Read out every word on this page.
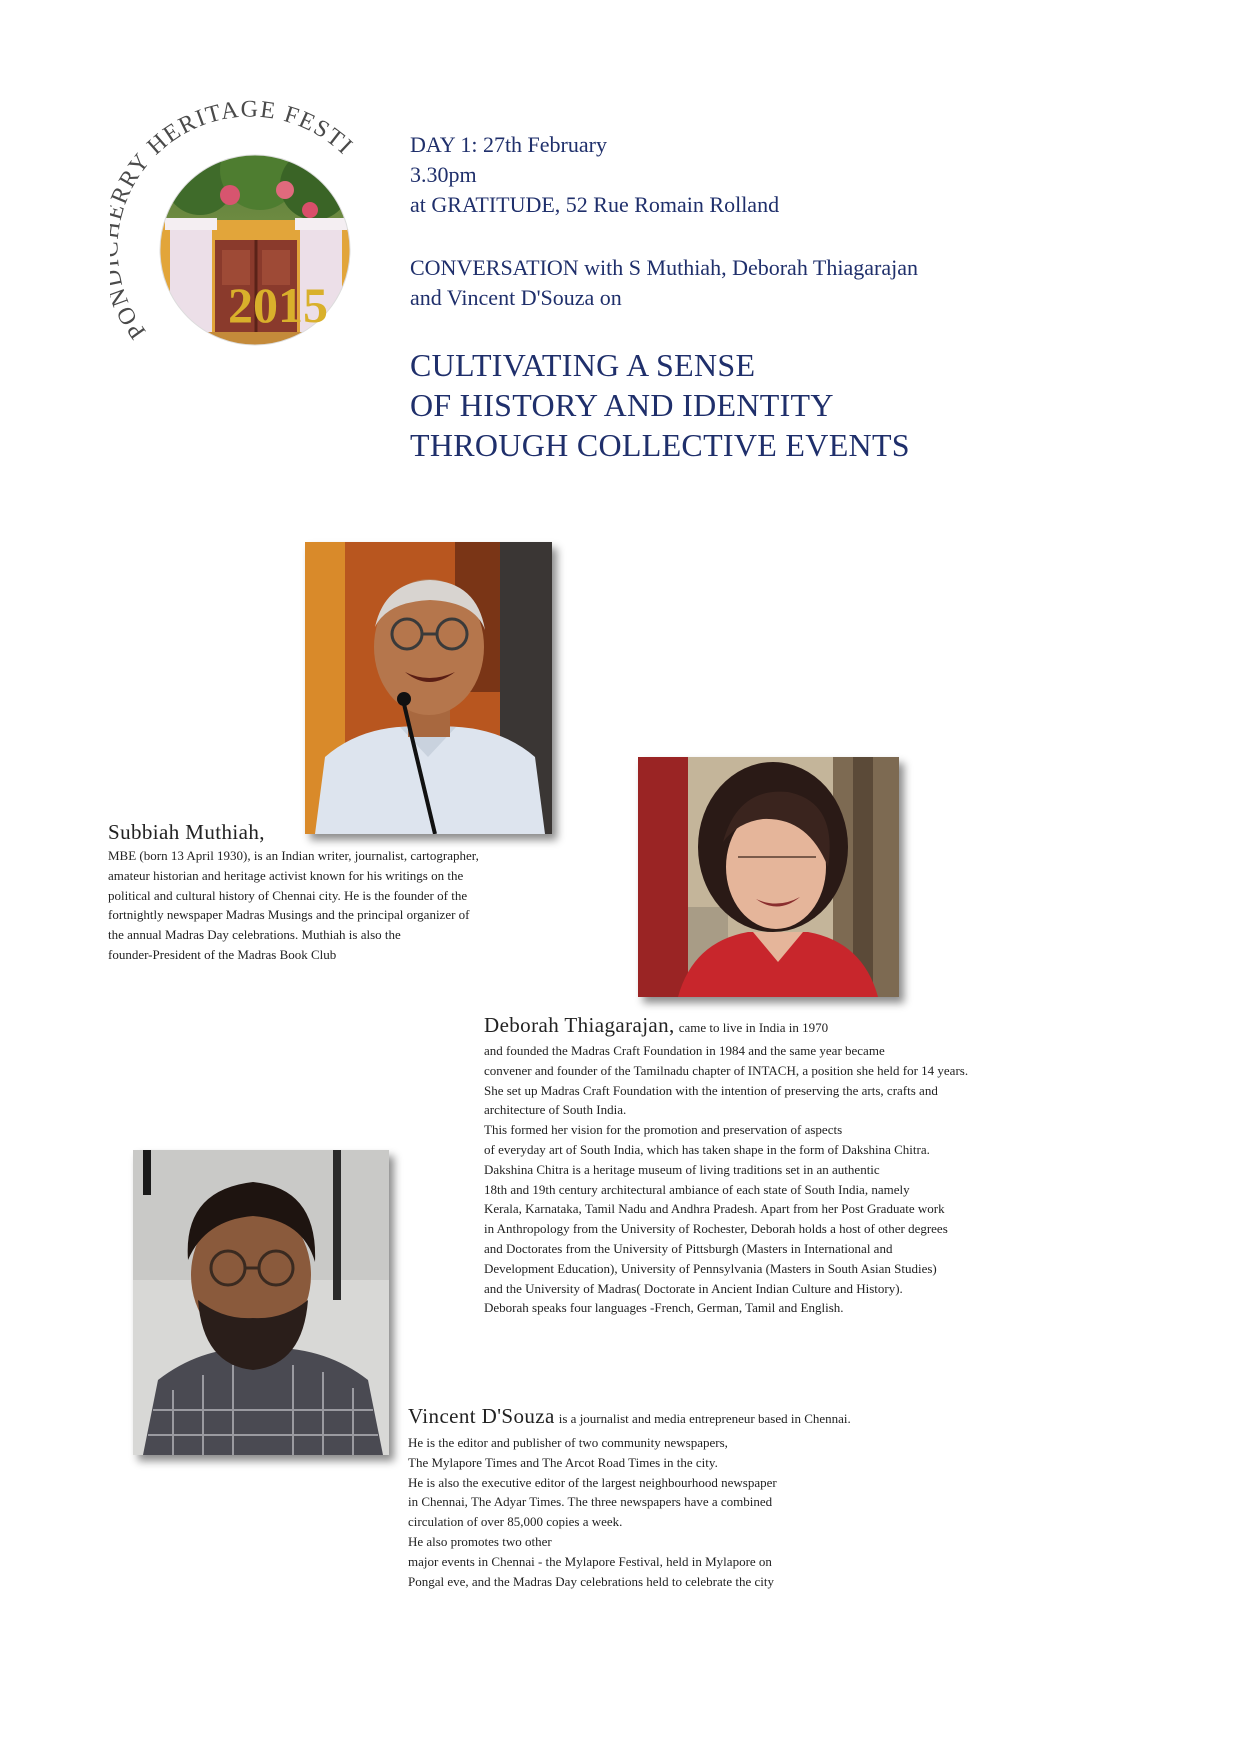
PO RY HERITAGE FESTI
2015
DAY 1: 27th February
3.30pm
at GRATITUDE, 52 Rue Romain Rolland
CONVERSATION with S Muthiah, Deborah Thiagarajan
and Vincent D'Souza on
CULTIVATING A SENSE
OF HISTORY AND IDENTITY
THROUGH COLLECTIVE EVENTS
Subbiah Muthiah,
MBE (born 13 April 1930), is an Indian writer, journalist, cartographer,
amateur historian and heritage activist known for his writings on the
political and cultural history of Chennai city. He is the founder of the
fortnightly newspaper Madras Musings and the principal organizer of
the annual Madras Day celebrations. Muthiah is also the
founder-President of the Madras Book Club
Deborah Thiagarajan, came to live in India in 1970
and founded the Madras Craft Foundation in 1984 and the same year became
convener and founder of the Tamilnadu chapter of INTACH, a position she held for 14 years.
She set up Madras Craft Foundation with the intention of preserving the arts, crafts and
architecture of South India.
This formed her vision for the promotion and preservation of aspects
of everyday art of South India, which has taken shape in the form of Dakshina Chitra.
Dakshina Chitra is a heritage museum of living traditions set in an authentic
18th and 19th century architectural ambiance of each state of South India, namely
Kerala, Karnataka, Tamil Nadu and Andhra Pradesh. Apart from her Post Graduate work
in Anthropology from the University of Rochester, Deborah holds a host of other degrees
and Doctorates from the University of Pittsburgh (Masters in International and
Development Education), University of Pennsylvania (Masters in South Asian Studies)
and the University of Madras( Doctorate in Ancient Indian Culture and History).
Deborah speaks four languages -French, German, Tamil and English.
Vincent D'Souza is a journalist and media entrepreneur based in Chennai.
He is the editor and publisher of two community newspapers,
The Mylapore Times and The Arcot Road Times in the city.
He is also the executive editor of the largest neighbourhood newspaper
in Chennai, The Adyar Times. The three newspapers have a combined
circulation of over 85,000 copies a week.
He also promotes two other
major events in Chennai - the Mylapore Festival, held in Mylapore on
Pongal eve, and the Madras Day celebrations held to celebrate the city
